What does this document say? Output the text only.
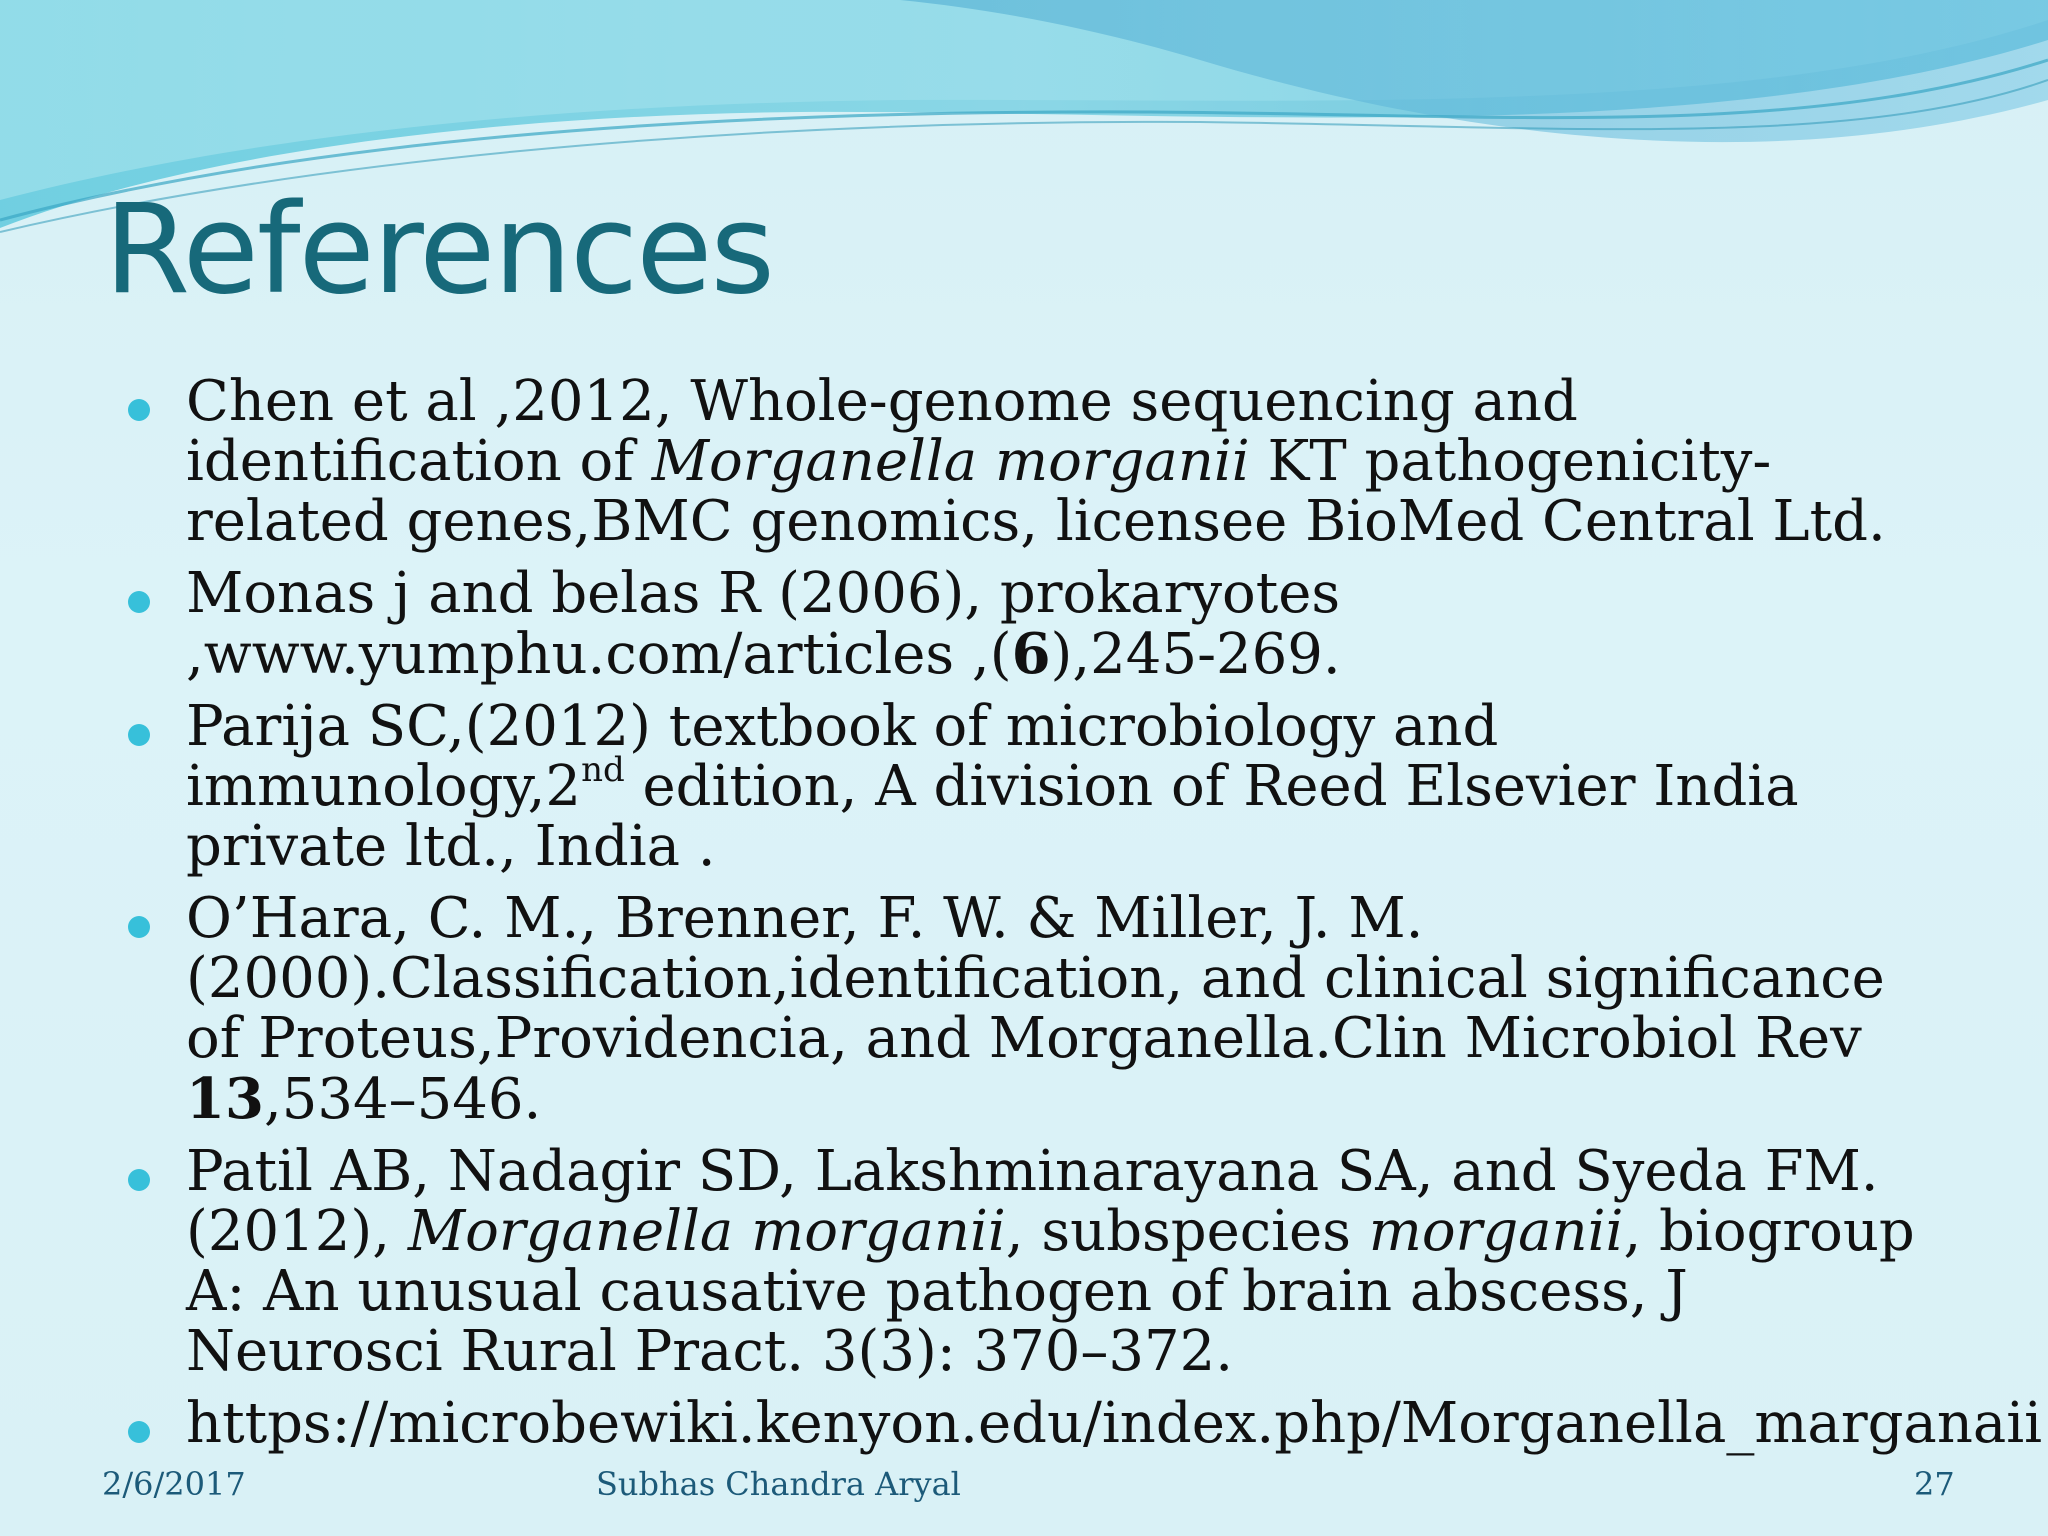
References
Chen et al ,2012, Whole-genome sequencing and identification of Morganella morganii KT pathogenicity-related genes,BMC genomics, licensee BioMed Central Ltd.
Monas j and belas R (2006), prokaryotes ,www.yumphu.com/articles ,(6),245-269.
Parija SC,(2012) textbook of microbiology and immunology,2nd edition, A division of Reed Elsevier India private ltd., India .
O’Hara, C. M., Brenner, F. W. & Miller, J. M. (2000).Classification,identification, and clinical significance of Proteus,Providencia, and Morganella.Clin Microbiol Rev 13,534–546.
Patil AB, Nadagir SD, Lakshminarayana SA, and Syeda FM. (2012), Morganella morganii, subspecies morganii, biogroup A: An unusual causative pathogen of brain abscess, J Neurosci Rural Pract. 3(3): 370–372.
https://microbewiki.kenyon.edu/index.php/Morganella_marganaii
2/6/2017	Subhas Chandra Aryal	27
